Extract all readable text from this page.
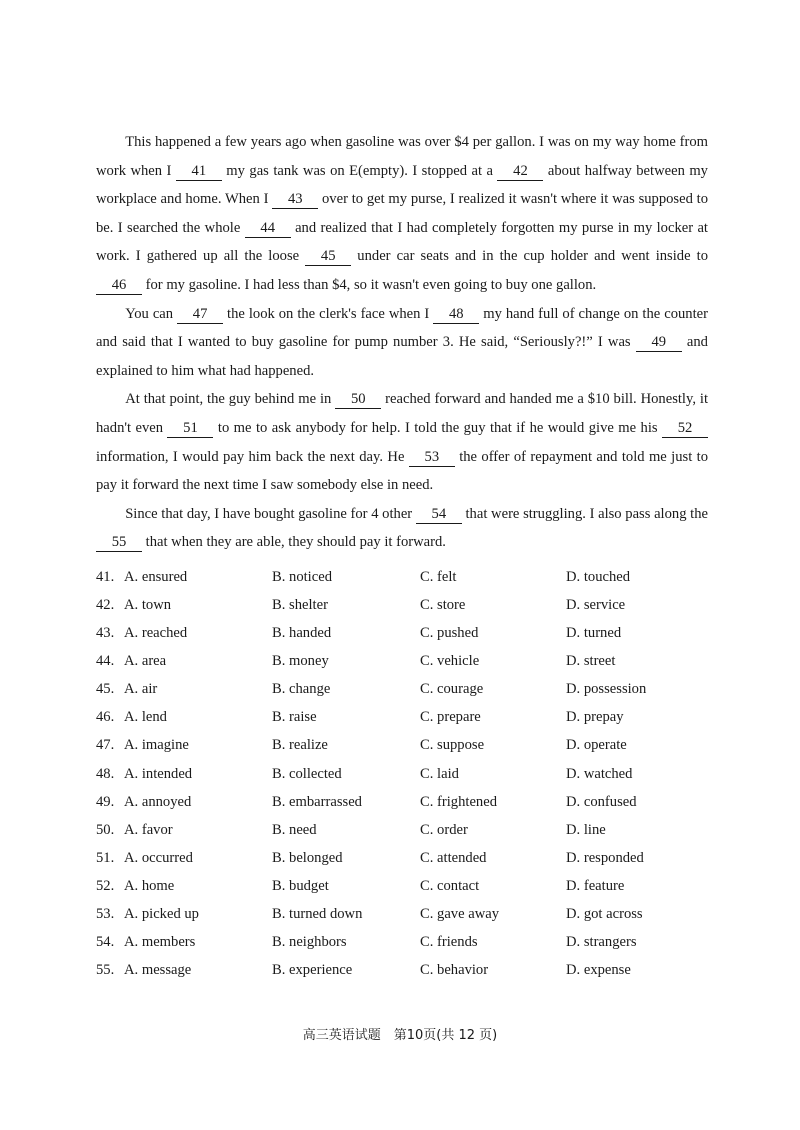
This happened a few years ago when gasoline was over $4 per gallon. I was on my way home from work when I 41 my gas tank was on E(empty). I stopped at a 42 about halfway between my workplace and home. When I 43 over to get my purse, I realized it wasn't where it was supposed to be. I searched the whole 44 and realized that I had completely forgotten my purse in my locker at work. I gathered up all the loose 45 under car seats and in the cup holder and went inside to 46 for my gasoline. I had less than $4, so it wasn't even going to buy one gallon.

You can 47 the look on the clerk's face when I 48 my hand full of change on the counter and said that I wanted to buy gasoline for pump number 3. He said, “Seriously?!” I was 49 and explained to him what had happened.

At that point, the guy behind me in 50 reached forward and handed me a $10 bill. Honestly, it hadn't even 51 to me to ask anybody for help. I told the guy that if he would give me his 52 information, I would pay him back the next day. He 53 the offer of repayment and told me just to pay it forward the next time I saw somebody else in need.

Since that day, I have bought gasoline for 4 other 54 that were struggling. I also pass along the 55 that when they are able, they should pay it forward.

41. A. ensured	B. noticed	C. felt	D. touched
42. A. town	B. shelter	C. store	D. service
43. A. reached	B. handed	C. pushed	D. turned
44. A. area	B. money	C. vehicle	D. street
45. A. air	B. change	C. courage	D. possession
46. A. lend	B. raise	C. prepare	D. prepay
47. A. imagine	B. realize	C. suppose	D. operate
48. A. intended	B. collected	C. laid	D. watched
49. A. annoyed	B. embarrassed	C. frightened	D. confused
50. A. favor	B. need	C. order	D. line
51. A. occurred	B. belonged	C. attended	D. responded
52. A. home	B. budget	C. contact	D. feature
53. A. picked up	B. turned down	C. gave away	D. got across
54. A. members	B. neighbors	C. friends	D. strangers
55. A. message	B. experience	C. behavior	D. expense
高三英语试题　第10页(共 12 页)
